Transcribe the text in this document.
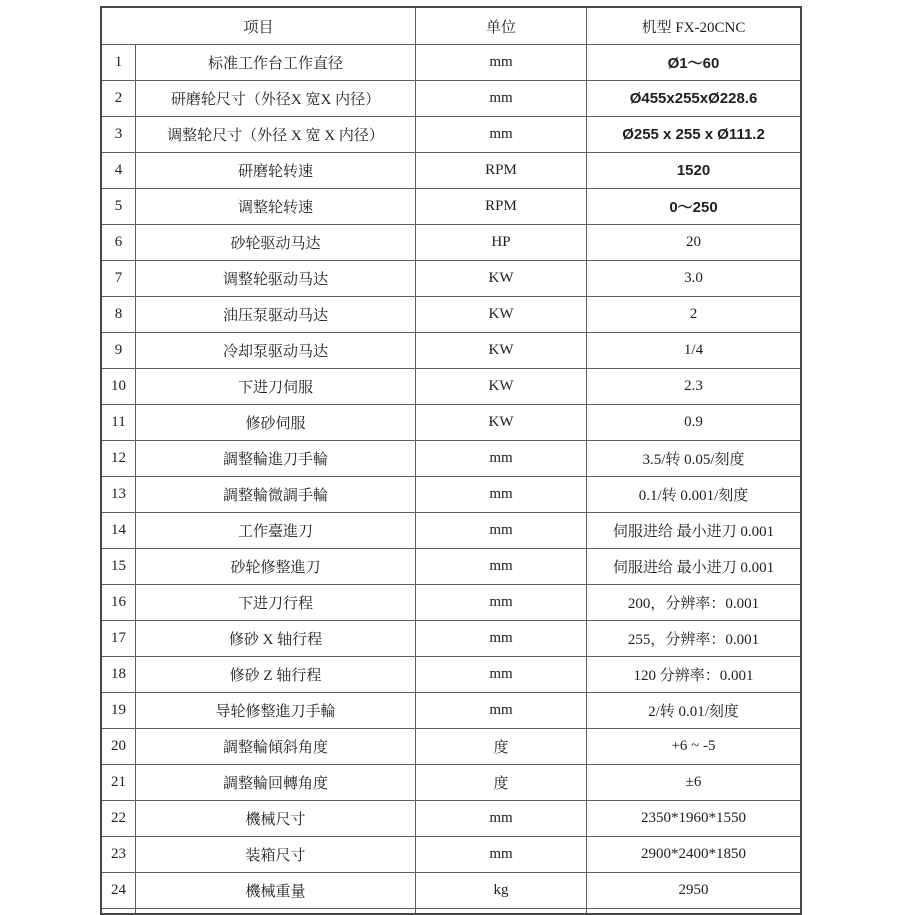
项目		单位	机型 FX-20CNC
1	标准工作台工作直径	mm	Ø1～60
2	研磨轮尺寸（外径X 宽X 内径）	mm	Ø455x255xØ228.6
3	调整轮尺寸（外径 X 宽 X 内径）	mm	Ø255 x 255 x Ø111.2
4	研磨轮转速	RPM	1520
5	调整轮转速	RPM	0～250
6	砂轮驱动马达	HP	20
7	调整轮驱动马达	KW	3.0
8	油压泵驱动马达	KW	2
9	冷却泵驱动马达	KW	1/4
10	下进刀伺服	KW	2.3
11	修砂伺服	KW	0.9
12	調整輪進刀手輪	mm	3.5/转 0.05/刻度
13	調整輪微調手輪	mm	0.1/转 0.001/刻度
14	工作臺進刀	mm	伺服进给 最小进刀 0.001
15	砂轮修整進刀	mm	伺服进给 最小进刀 0.001
16	下进刀行程	mm	200，分辨率：0.001
17	修砂 X 轴行程	mm	255，分辨率：0.001
18	修砂 Z 轴行程	mm	120 分辨率：0.001
19	导轮修整進刀手輪	mm	2/转 0.01/刻度
20	調整輪傾斜角度	度	+6 ~ -5
21	調整輪回轉角度	度	±6
22	機械尺寸	mm	2350*1960*1550
23	装箱尺寸	mm	2900*2400*1850
24	機械重量	kg	2950
